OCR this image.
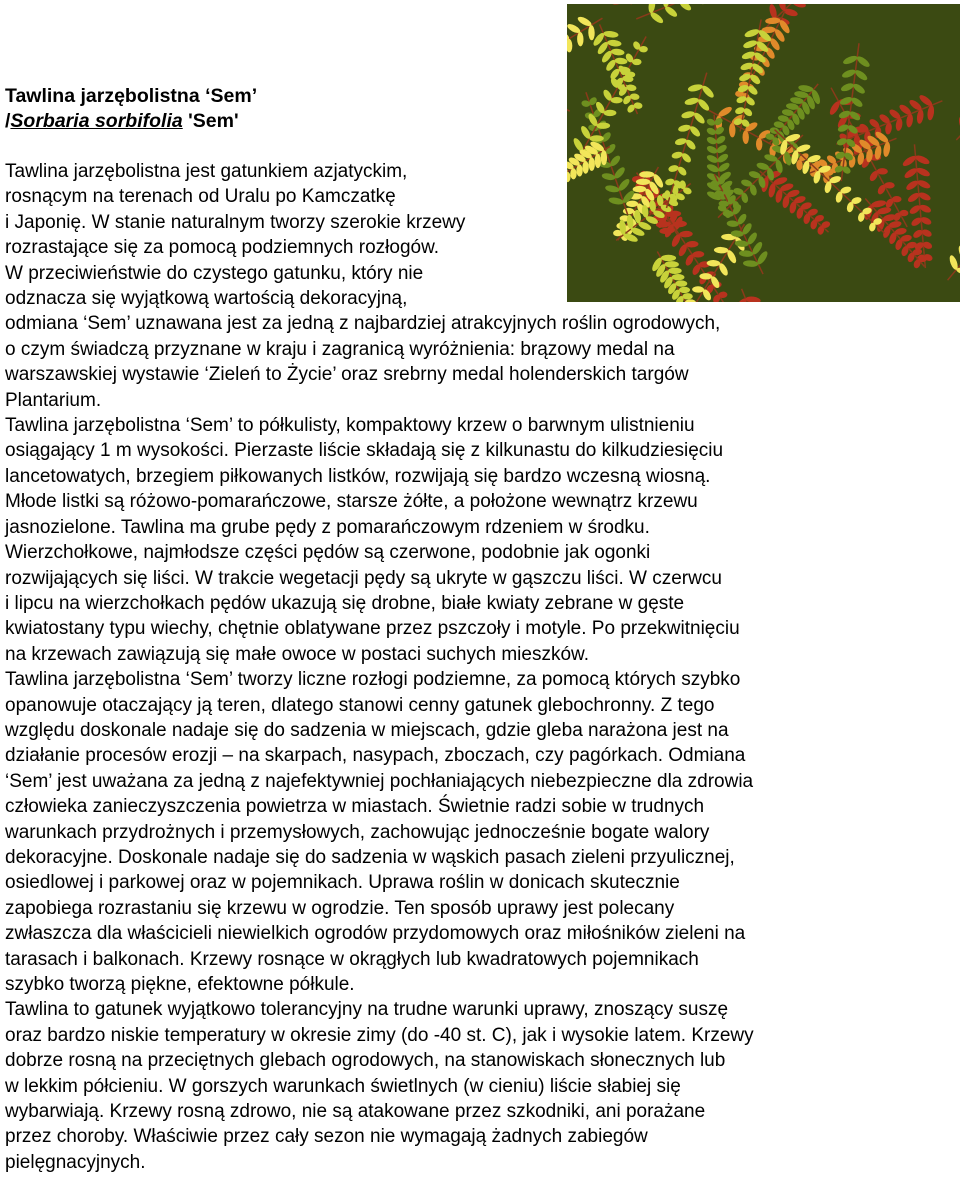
Tawlina jarzębolistna ‘Sem’
/Sorbaria sorbifolia 'Sem'
Tawlina jarzębolistna jest gatunkiem azjatyckim,
rosnącym na terenach od Uralu po Kamczatkę
i Japonię. W stanie naturalnym tworzy szerokie krzewy
rozrastające się za pomocą podziemnych rozłogów.
W przeciwieństwie do czystego gatunku, który nie
odznacza się wyjątkową wartością dekoracyjną,
odmiana ‘Sem’ uznawana jest za jedną z najbardziej atrakcyjnych roślin ogrodowych,
o czym świadczą przyznane w kraju i zagranicą wyróżnienia: brązowy medal na
warszawskiej wystawie ‘Zieleń to Życie’ oraz srebrny medal holenderskich targów
Plantarium.
Tawlina jarzębolistna ‘Sem’ to półkulisty, kompaktowy krzew o barwnym ulistnieniu
osiągający 1 m wysokości. Pierzaste liście składają się z kilkunastu do kilkudziesięciu
lancetowatych, brzegiem piłkowanych listków, rozwijają się bardzo wczesną wiosną.
Młode listki są różowo-pomarańczowe, starsze żółte, a położone wewnątrz krzewu
jasnozielone. Tawlina ma grube pędy z pomarańczowym rdzeniem w środku.
Wierzchołkowe, najmłodsze części pędów są czerwone, podobnie jak ogonki
rozwijających się liści. W trakcie wegetacji pędy są ukryte w gąszczu liści. W czerwcu
i lipcu na wierzchołkach pędów ukazują się drobne, białe kwiaty zebrane w gęste
kwiatostany typu wiechy, chętnie oblatywane przez pszczoły i motyle. Po przekwitnięciu
na krzewach zawiązują się małe owoce w postaci suchych mieszków.
Tawlina jarzębolistna ‘Sem’ tworzy liczne rozłogi podziemne, za pomocą których szybko
opanowuje otaczający ją teren, dlatego stanowi cenny gatunek glebochronny. Z tego
względu doskonale nadaje się do sadzenia w miejscach, gdzie gleba narażona jest na
działanie procesów erozji – na skarpach, nasypach, zboczach, czy pagórkach. Odmiana
‘Sem’ jest uważana za jedną z najefektywniej pochłaniających niebezpieczne dla zdrowia
człowieka zanieczyszczenia powietrza w miastach. Świetnie radzi sobie w trudnych
warunkach przydrożnych i przemysłowych, zachowując jednocześnie bogate walory
dekoracyjne. Doskonale nadaje się do sadzenia w wąskich pasach zieleni przyulicznej,
osiedlowej i parkowej oraz w pojemnikach. Uprawa roślin w donicach skutecznie
zapobiega rozrastaniu się krzewu w ogrodzie. Ten sposób uprawy jest polecany
zwłaszcza dla właścicieli niewielkich ogrodów przydomowych oraz miłośników zieleni na
tarasach i balkonach. Krzewy rosnące w okrągłych lub kwadratowych pojemnikach
szybko tworzą piękne, efektowne półkule.
Tawlina to gatunek wyjątkowo tolerancyjny na trudne warunki uprawy, znoszący suszę
oraz bardzo niskie temperatury w okresie zimy (do -40 st. C), jak i wysokie latem. Krzewy
dobrze rosną na przeciętnych glebach ogrodowych, na stanowiskach słonecznych lub
w lekkim półcieniu. W gorszych warunkach świetlnych (w cieniu) liście słabiej się
wybarwiają. Krzewy rosną zdrowo, nie są atakowane przez szkodniki, ani porażane
przez choroby. Właściwie przez cały sezon nie wymagają żadnych zabiegów
pielęgnacyjnych.
